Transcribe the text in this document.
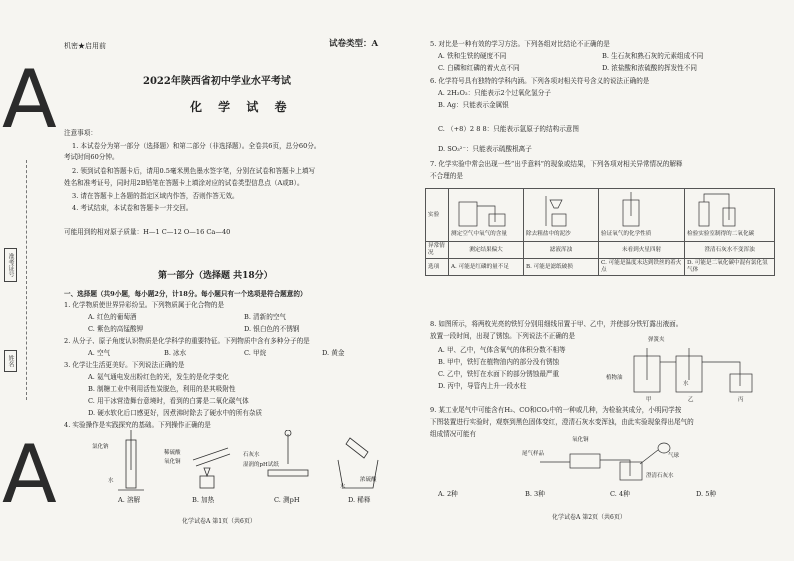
A
A
准考证号
姓名
机密★启用前	试卷类型：A
2022年陕西省初中学业水平考试
化 学 试 卷
注意事项：
1. 本试卷分为第一部分（选择题）和第二部分（非选择题）。全卷共6页，总分60分。
考试时间60分钟。
2. 领到试卷和答题卡后，请用0.5毫米黑色墨水签字笔，分别在试卷和答题卡上填写
姓名和准考证号，同时用2B铅笔在答题卡上填涂对应的试卷类型信息点（A或B）。
3. 请在答题卡上各题的指定区域内作答，否则作答无效。
4. 考试结束，本试卷和答题卡一并交回。
可能用到的相对原子质量：H—1 C—12 O—16 Ca—40
第一部分（选择题 共18分）
一、选择题（共9小题，每小题2分，计18分。每小题只有一个选项是符合题意的）
1. 化学物质使世界异彩纷呈。下列物质属于化合物的是
A. 红色的葡萄酒	B. 清新的空气
C. 紫色的高锰酸钾	D. 银白色的不锈钢
2. 从分子、原子角度认识物质是化学科学的重要特征。下列物质中含有多种分子的是
A. 空气	B. 冰水	C. 甲烷	D. 黄金
3. 化学让生活更美好。下列说法正确的是
A. 氦气通电发出粉红色的光，发生的是化学变化
B. 制糖工业中利用活性炭脱色，利用的是其吸附性
C. 用干冰营造舞台意境时，看到的白雾是二氧化碳气体
D. 硬水软化后口感更好，因煮沸时除去了硬水中的所有杂质
4. 实验操作是实践探究的基础。下列操作正确的是
氯化钠
水
稀硫酸
氧化铜
石灰水
湿润的pH试纸
浓硫酸
水
A. 溶解	B. 加热	C. 测pH	D. 稀释
化学试卷A 第1页（共6页）
5. 对比是一种有效的学习方法。下列各组对比结论不正确的是
A. 铁和生铁的硬度不同	B. 生石灰和熟石灰的元素组成不同
C. 白磷和红磷的着火点不同	D. 浓盐酸和浓硫酸的挥发性不同
6. 化学符号具有独特的学科内涵。下列各项对相关符号含义的说法正确的是
A. 2H₂O₂：只能表示2个过氧化氢分子
B. Ag：只能表示金属银
C. （+8）2 8 8：只能表示氩原子的结构示意图
D. SO₃²⁻：只能表示硫酸根离子
7. 化学实验中常会出现一些“出乎意料”的现象或结果，下列各项对相关异常情况的解释
不合理的是
实验	测定空气中氧气的含量	除去粗盐中的泥沙	验证氧气的化学性质	检验实验室制得的二氧化碳

异常情况	测定结果偏大	滤液浑浊	未看到火星四射	澄清石灰水不变浑浊
选项	A. 可能是红磷的量不足	B. 可能是滤纸破损	C. 可能是温度未达到铁丝的着火点	D. 可能是二氧化碳中混有氯化氢气体
8. 如图所示，将两枚光亮的铁钉分别用细线吊置于甲、乙中，并使部分铁钉露出液面。
放置一段时间，出现了锈蚀。下列说法不正确的是
A. 甲、乙中，气体含氧气的体积分数不相等
B. 甲中，铁钉在植物油内的部分没有锈蚀
C. 乙中，铁钉在水面下的部分锈蚀最严重
D. 丙中，导管内上升一段水柱
弹簧夹
植物油
水
甲	乙	丙
9. 某工业尾气中可能含有H₂、CO和CO₂中的一种或几种，为检验其成分，小明同学按
下图装置进行实验时，观察到黑色固体变红，澄清石灰水变浑浊，由此实验现象得出尾气的
组成情况可能有
氧化铜
尾气样品
澄清石灰水
气球
A. 2种	B. 3种	C. 4种	D. 5种
化学试卷A 第2页（共6页）
